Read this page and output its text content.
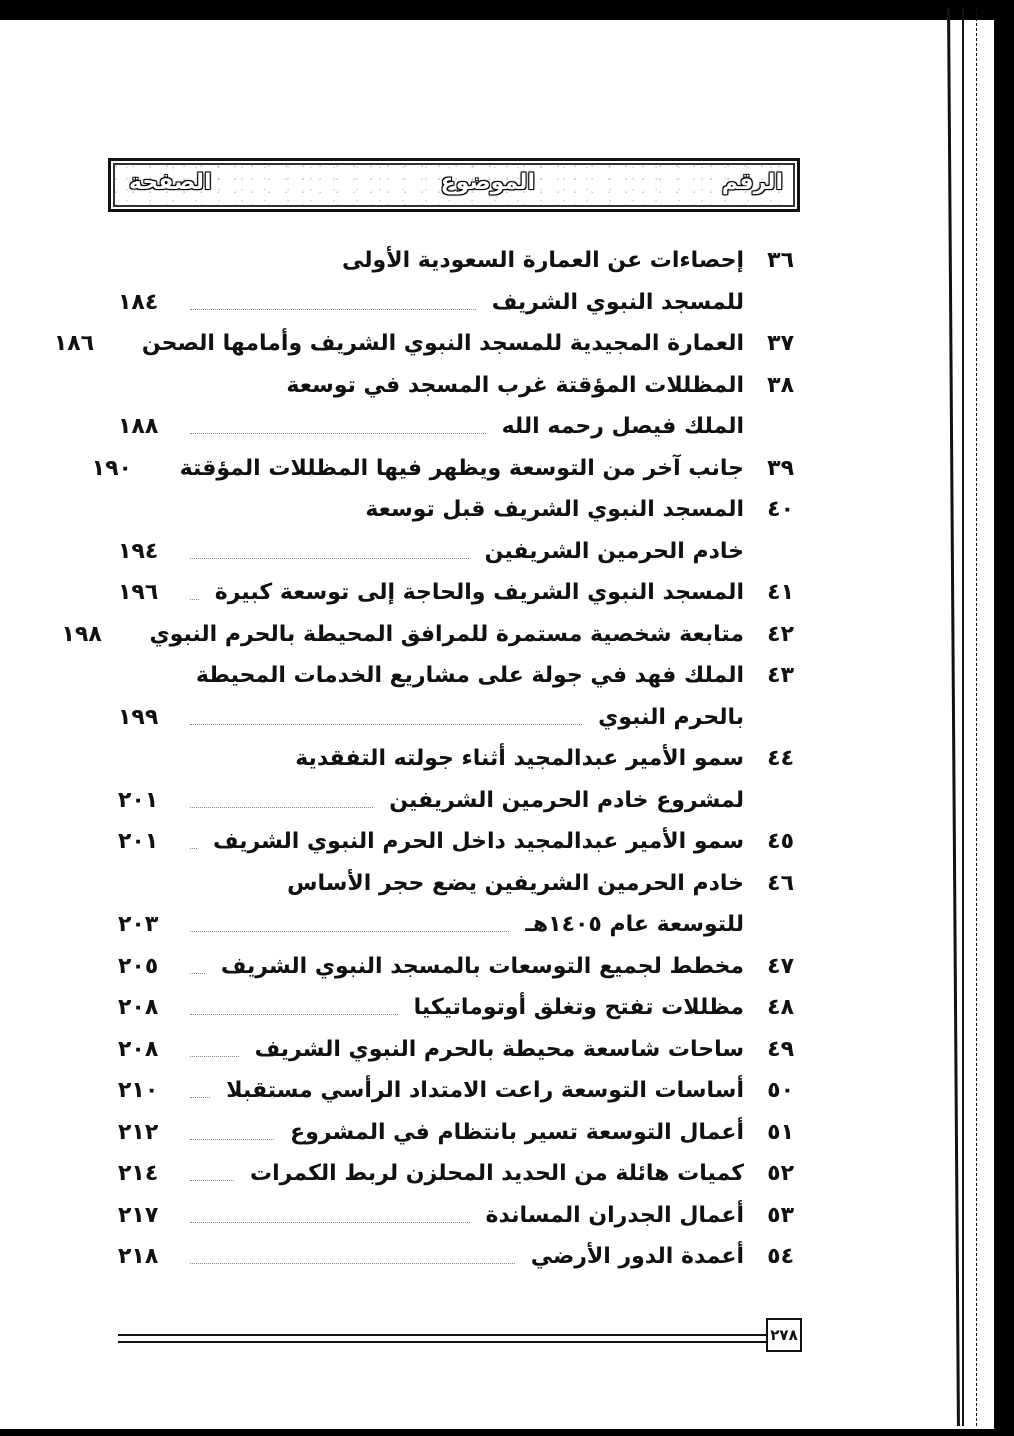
الرقم
الموضوع
الصفحة
٣٦
إحصاءات عن العمارة السعودية الأولى
للمسجد النبوي الشريف
١٨٤
٣٧
العمارة المجيدية للمسجد النبوي الشريف وأمامها الصحن
١٨٦
٣٨
المظللات المؤقتة غرب المسجد في توسعة
الملك فيصل رحمه الله
١٨٨
٣٩
جانب آخر من التوسعة ويظهر فيها المظللات المؤقتة
١٩٠
٤٠
المسجد النبوي الشريف قبل توسعة
خادم الحرمين الشريفين
١٩٤
٤١
المسجد النبوي الشريف والحاجة إلى توسعة كبيرة
١٩٦
٤٢
متابعة شخصية مستمرة للمرافق المحيطة بالحرم النبوي
١٩٨
٤٣
الملك فهد في جولة على مشاريع الخدمات المحيطة
بالحرم النبوي
١٩٩
٤٤
سمو الأمير عبدالمجيد أثناء جولته التفقدية
لمشروع خادم الحرمين الشريفين
٢٠١
٤٥
سمو الأمير عبدالمجيد داخل الحرم النبوي الشريف
٢٠١
٤٦
خادم الحرمين الشريفين يضع حجر الأساس
للتوسعة عام ١٤٠٥هـ
٢٠٣
٤٧
مخطط لجميع التوسعات بالمسجد النبوي الشريف
٢٠٥
٤٨
مظللات تفتح وتغلق أوتوماتيكيا
٢٠٨
٤٩
ساحات شاسعة محيطة بالحرم النبوي الشريف
٢٠٨
٥٠
أساسات التوسعة راعت الامتداد الرأسي مستقبلا
٢١٠
٥١
أعمال التوسعة تسير بانتظام في المشروع
٢١٢
٥٢
كميات هائلة من الحديد المحلزن لربط الكمرات
٢١٤
٥٣
أعمال الجدران المساندة
٢١٧
٥٤
أعمدة الدور الأرضي
٢١٨
٢٧٨
